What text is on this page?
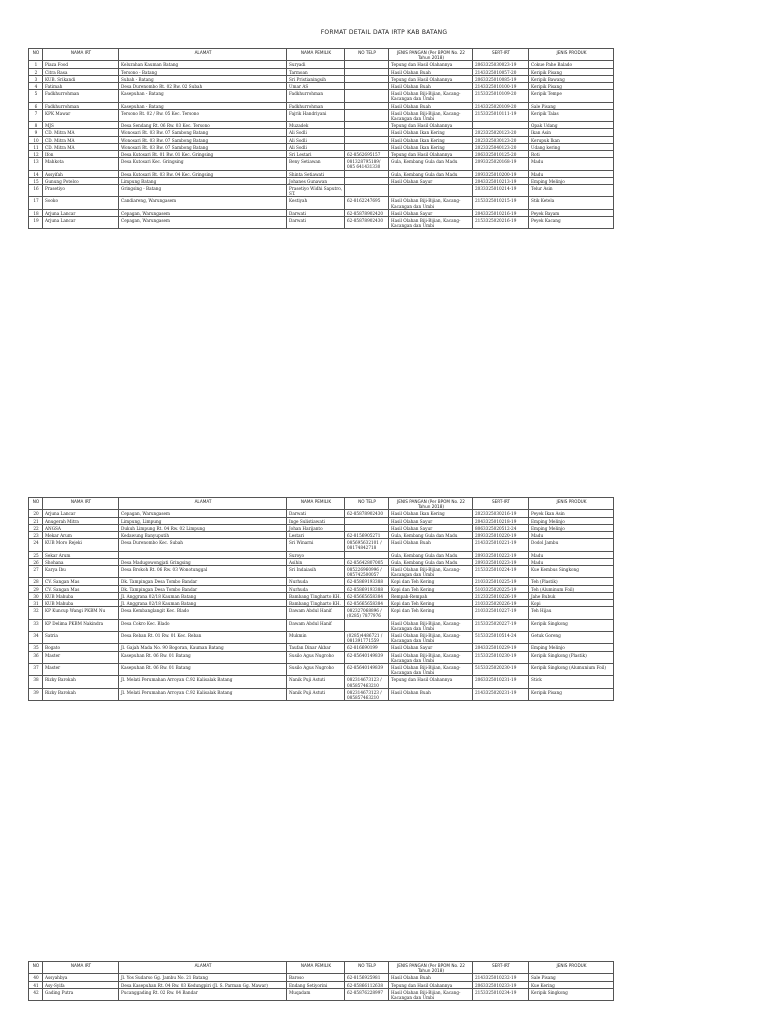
FORMAT DETAIL DATA IRTP KAB BATANG
NO	NAMA IRT	ALAMAT	NAMA PEMILIK	NO TELP	JENIS PANGAN (Per BPOM No. 22 Tahun 2018)	SERT-IRT	JENIS PRODUK
1	Piaza Food	Kelurahan Kauman Batang	Suryadi		Tepung dan Hasil Olahannya	2063325030023-19	Cokue Pahe Balado
2	Citra Rasa	Tersono - Batang	Tarmoan		Hasil Olahan Buah	2143325010057-20	Keripik Pisang
3	KUB. Srikandi	Subah - Batang	Sri Pristianingsih		Tepung dan Hasil Olahannya	2063325010085-19	Keripik Bawang
4	Fatimah	Desa Durenombo Rt. 02 Rw. 02 Subah	Umar AS		Hasil Olahan Buah	2143325010100-19	Keripik Pisang
5	Fadkhurrohman	Kasepuhan - Batang	Fadkhurrohman		Hasil Olahan Biji-Bijian, Kacang-Kacangan dan Umbi	2153325010109-20	Keripik Tempe
6	Fadkhurrohman	Kasepuhan - Batang	Fadkhurrohman		Hasil Olahan Buah	2143325020109-20	Sale Pisang
7	KPK Mawar	Tersono Rt. 02 / Rw. 05 Kec. Tersono	Fajrik Handriyani		Hasil Olahan Biji-Bijian, Kacang-Kacangan dan Umbi	2153325010111-19	Keripik Talas
8	MJS	Desa Sendang Rt. 06 Rw. 03 Kec. Tersono	Muzadek		Tepung dan Hasil Olahannya		Opak Udang
9	CD. Mitra MA	Wonosari Rt. 03 Rw. 07 Sambong Batang	Ali Sodli		Hasil Olahan Ikan Kering	2023325020123-20	Ikan Asin
10	CD. Mitra MA	Wonosari Rt. 03 Rw. 07 Sambong Batang	Ali Sodli		Hasil Olahan Ikan Kering	2023325030123-20	Kerupuk Ikan
11	CD. Mitra MA	Wonosari Rt. 03 Rw. 07 Sambong Batang	Ali Sodli		Hasil Olahan Ikan Kering	2023325040123-20	Udang kering
12	Ifon	Desa Kutosari Rt. 01 Rw. 01 Kec. Gringsing	Sri Lestari	62-8562695157	Tepung dan Hasil Olahannya	2063325010125-20	Roti
13	Mahkota	Desa Kutosari Kec. Gringsing	Beny Setiawan	081328795189/ 085 641431330	Gula, Kembang Gula dan Madu	2093325020168-19	Madu
14	Assyifah	Desa Kutosari Rt. 03 Rw. 04 Kec. Gringsing	Shinta Setiawati		Gula, Kembang Gula dan Madu	2093325010200-19	Madu
15	Gunung Potelco	Limpung Batang	Johanes Gunawan		Hasil Olahan Sayur	2043325010213-19	Emping Melinjo
16	Prasetiyo	Gringsing - Batang	Prasetiyo Widhi Saputro, ST.			2033325010214-19	Telur Asin
17	Sooko	Candiareng, Warungasem	Kestiyah	62-8162247695	Hasil Olahan Biji-Bijian, Kacang-Kacangan dan Umbi	2153325010215-19	Stik Ketela
18	Arjuna Lancar	Cepagan, Warungasem	Darwati	62-85878902420	Hasil Olahan Sayur	2043325010216-19	Peyek Bayam
19	Arjuna Lancar	Cepagan, Warungasem	Darwati	62-85878902430	Hasil Olahan Biji-Bijian, Kacang-Kacangan dan Umbi	2153325020216-19	Peyek Kacang
NO	NAMA IRT	ALAMAT	NAMA PEMILIK	NO TELP	JENIS PANGAN (Per BPOM No. 22 Tahun 2018)	SERT-IRT	JENIS PRODUK
20	Arjuna Lancar	Cepagan, Warungasem	Darwati	62-85878902430	Hasil Olahan Ikan Kering	2023325030216-19	Peyek Ikan Asin
21	Anugerah Mitra	Limpung, Limpung	Inge Sulistiawati		Hasil Olahan Sayur	2043325010218-19	Emping Melinjo
22	ANGSA	Dukuh Limpung Rt. 04 Rw. 02 Limpung	Johan Harijanto		Hasil Olahan Sayur	8063325020512-24	Emping Melinjo
23	Mekar Arum	Kedawung Banyuputih	Lestari	62-8156905271	Gula, Kembang Gula dan Madu	2093325010220-19	Madu
24	KUB Moro Rejeki	Desa Durenombo Kec. Subah	Sri Winarni	085695632101 / 08174842718	Hasil Olahan Buah	2143325010221-19	Dodol Jambu
25	Sekar Arum		Suroyo		Gula, Kembang Gula dan Madu	2093325010222-19	Madu
26	Shohana	Desa Madugowongjati Gringsing	Asihin	62-85642807005	Gula, Kembang Gula dan Madu	2093325010223-19	Madu
27	Karya Ibu	Desa Brokoh Rt. 06 Rw. 03 Wonotunggal	Sri Indaiasih	085226960996 / 085742500057	Hasil Olahan Biji-Bijian, Kacang-Kacangan dan Umbi	2153325010224-19	Kue Kembus Singkong
28	CV. Sangan Mas	Dk. Tampingan Desa Tombo Bandar	Nurhuda	62-85869193388	Kopi dan Teh Kering	2103325010225-19	Teh (Plastik)
29	CV. Sangan Mas	Dk. Tampingan Desa Tombo Bandar	Nurhuda	62-85869193388	Kopi dan Teh Kering	5103325020225-19	Teh (Aluminum Foil)
30	KUB Mahuba	Jl. Anggrana 02/18 Kauman Batang	Bambang Tingharto KH.	62-85665658384	Rempah-Rempah	2123325010226-19	Jahe Bubuk
31	KUB Mahuba	Jl. Anggrana 02/18 Kauman Batang	Bambang Tingharto KH.	62-85665658384	Kopi dan Teh Kering	2103325020226-19	Kopi
32	KP Kuncup Wangi PKBM Nu	Desa Kembanglangit Kec. Blado	Dawam Abdul Hanif	082327068896 / (0285) 7877976	Kopi dan Teh Kering	2103325010227-19	Teh Hijau
33	KP Delima PKBM Nakindra	Desa Cokro Kec. Blado	Dawam Abdul Hanif		Hasil Olahan Biji-Bijian, Kacang-Kacangan dan Umbi	2153325020227-19	Keripik Singkong
34	Satria	Desa Reban Rt. 01 Rw. 01 Kec. Reban	Mukmin	(0285)4486721 / 081391771559	Hasil Olahan Biji-Bijian, Kacang-Kacangan dan Umbi	5153325010514-24	Getuk Goreng
35	Bogato	Jl. Gajah Mada No. 90 Bogoran, Kauman Batang	Taufan Dinar Akbar	62-816690199	Hasil Olahan Sayur	2043325010229-19	Emping Melinjo
36	Master	Kasepuhan Rt. 06 Rw. 01 Batang	Susilo Agus Nugroho	62-85640149839	Hasil Olahan Biji-Bijian, Kacang-Kacangan dan Umbi	2153325010230-19	Keripik Singkong (Plastik)
37	Master	Kasepuhan Rt. 06 Rw. 01 Batang	Susilo Agus Nugroho	62-85640149839	Hasil Olahan Biji-Bijian, Kacang-Kacangan dan Umbi	5153325020230-19	Keripik Singkong (Alumunium Foil)
38	Rizky Barokah	Jl. Melati Perumahan Arroyan C.92 Kalisalak Batang	Nanik Puji Astuti	082314673123 / 085857463210	Tepung dan Hasil Olahannya	2063325010231-19	Stick
39	Rizky Barokah	Jl. Melati Perumahan Arroyan C.92 Kalisalak Batang	Nanik Puji Astuti	082314673123 / 085857463210	Hasil Olahan Buah	2143325020231-19	Keripik Pisang
NO	NAMA IRT	ALAMAT	NAMA PEMILIK	NO TELP	JENIS PANGAN (Per BPOM No. 22 Tahun 2018)	SERT-IRT	JENIS PRODUK
40	Assyahbya	Jl. Yos Sudarso Gg. Jambu No. 21 Batang	Baroso	62-8156925981	Hasil Olahan Buah	2143325010232-19	Sale Pisang
41	Asy-Syifa	Desa Kasepuhan Rt. 04 Rw. 03 Kedungpiri (Jl. S. Parman Gg. Mawar)	Endang Setiyorini	62-85866112638	Tepung dan Hasil Olahannya	2063325010233-19	Kue Kering
42	Gading Putra	Pucanggading Rt. 02 Rw. 04 Bandar	Muqadam	62-85876228997	Hasil Olahan Biji-Bijian, Kacang-Kacangan dan Umbi	2153325010234-19	Keripik Singkong
